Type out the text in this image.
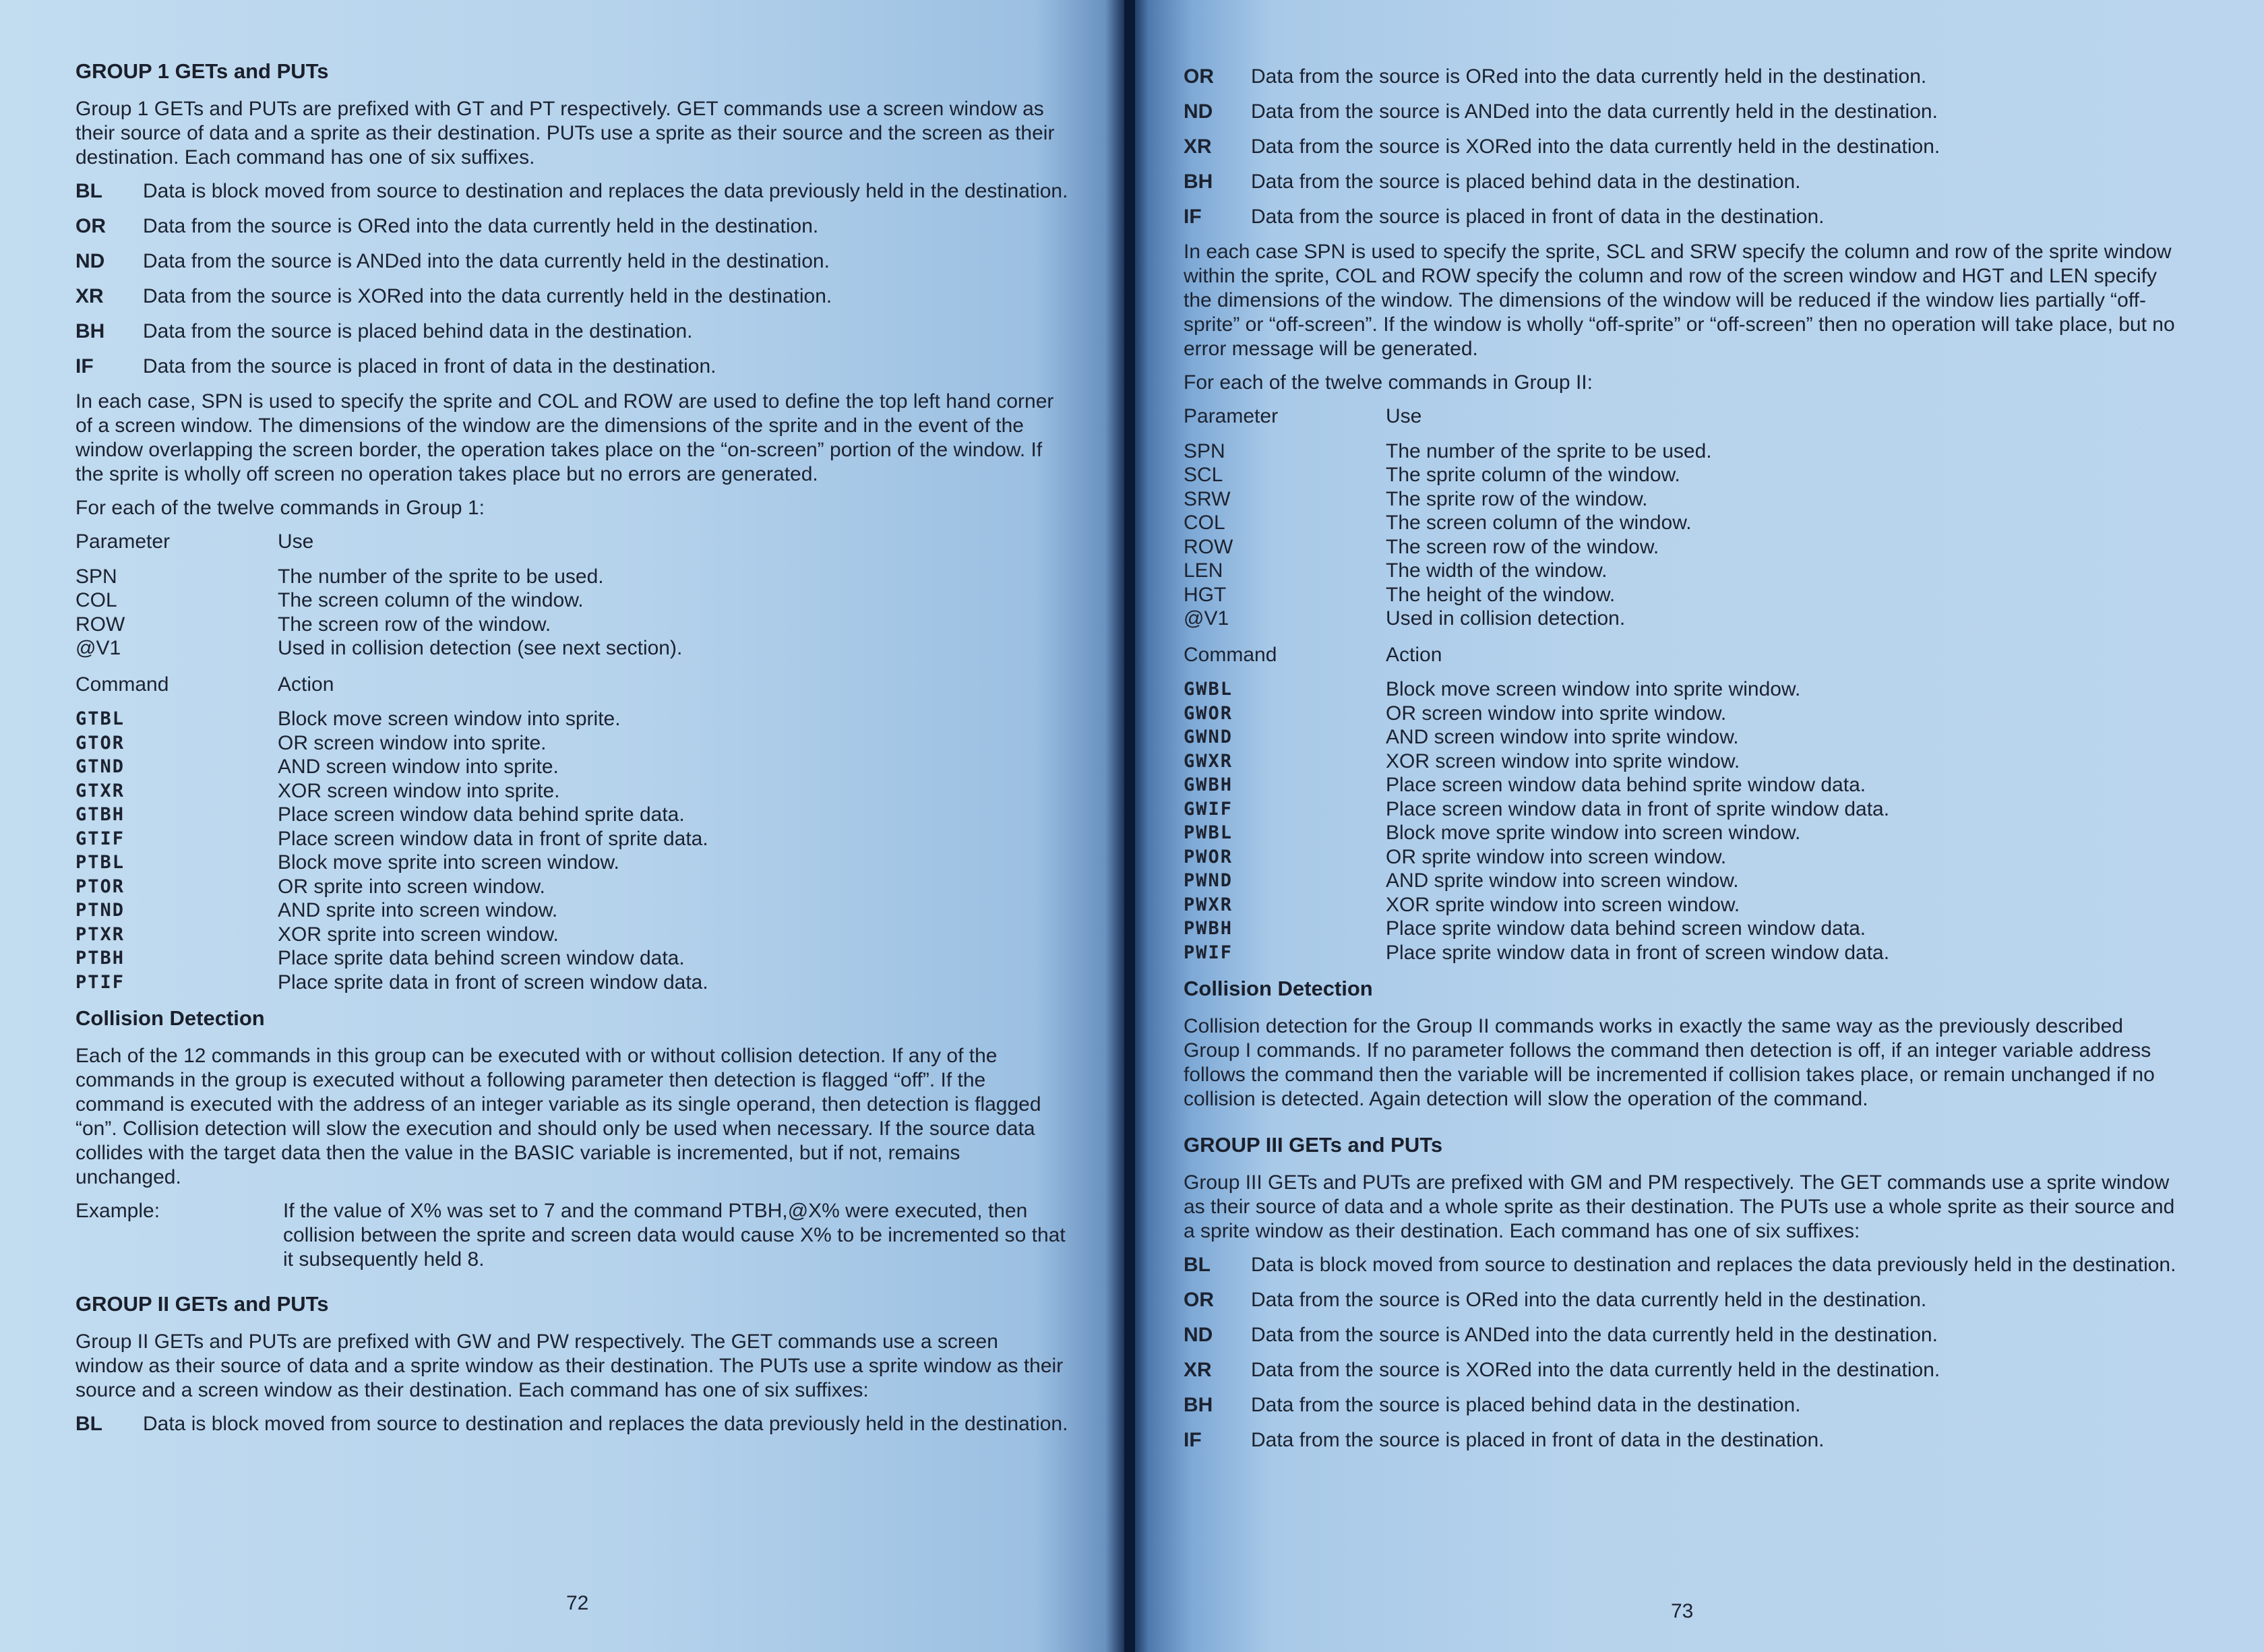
GROUP 1 GETs and PUTs

Group 1 GETs and PUTs are prefixed with GT and PT respectively. GET commands use a screen window as their source of data and a sprite as their destination. PUTs use a sprite as their source and the screen as their destination. Each command has one of six suffixes.

BL	Data is block moved from source to destination and replaces the data previously held in the destination.
OR	Data from the source is ORed into the data currently held in the destination.
ND	Data from the source is ANDed into the data currently held in the destination.
XR	Data from the source is XORed into the data currently held in the destination.
BH	Data from the source is placed behind data in the destination.
IF	Data from the source is placed in front of data in the destination.

In each case, SPN is used to specify the sprite and COL and ROW are used to define the top left hand corner of a screen window. The dimensions of the window are the dimensions of the sprite and in the event of the window overlapping the screen border, the operation takes place on the “on-screen” portion of the window. If the sprite is wholly off screen no operation takes place but no errors are generated.

For each of the twelve commands in Group 1:

Parameter	Use
SPN	The number of the sprite to be used.
COL	The screen column of the window.
ROW	The screen row of the window.
@V1	Used in collision detection (see next section).
Command	Action
GTBL	Block move screen window into sprite.
GTOR	OR screen window into sprite.
GTND	AND screen window into sprite.
GTXR	XOR screen window into sprite.
GTBH	Place screen window data behind sprite data.
GTIF	Place screen window data in front of sprite data.
PTBL	Block move sprite into screen window.
PTOR	OR sprite into screen window.
PTND	AND sprite into screen window.
PTXR	XOR sprite into screen window.
PTBH	Place sprite data behind screen window data.
PTIF	Place sprite data in front of screen window data.
Collision Detection

Each of the 12 commands in this group can be executed with or without collision detection. If any of the commands in the group is executed without a following parameter then detection is flagged “off”. If the command is executed with the address of an integer variable as its single operand, then detection is flagged “on”. Collision detection will slow the execution and should only be used when necessary. If the source data collides with the target data then the value in the BASIC variable is incremented, but if not, remains unchanged.

Example:	If the value of X% was set to 7 and the command PTBH,@X% were executed, then collision between the sprite and screen data would cause X% to be incremented so that it subsequently held 8.
GROUP II GETs and PUTs

Group II GETs and PUTs are prefixed with GW and PW respectively. The GET commands use a screen window as their source of data and a sprite window as their destination. The PUTs use a sprite window as their source and a screen window as their destination. Each command has one of six suffixes:

BL	Data is block moved from source to destination and replaces the data previously held in the destination.
72
OR	Data from the source is ORed into the data currently held in the destination.
ND	Data from the source is ANDed into the data currently held in the destination.
XR	Data from the source is XORed into the data currently held in the destination.
BH	Data from the source is placed behind data in the destination.
IF	Data from the source is placed in front of data in the destination.

In each case SPN is used to specify the sprite, SCL and SRW specify the column and row of the sprite window within the sprite, COL and ROW specify the column and row of the screen window and HGT and LEN specify the dimensions of the window. The dimensions of the window will be reduced if the window lies partially “off-sprite” or “off-screen”. If the window is wholly “off-sprite” or “off-screen” then no operation will take place, but no error message will be generated.

For each of the twelve commands in Group II:

Parameter	Use
SPN	The number of the sprite to be used.
SCL	The sprite column of the window.
SRW	The sprite row of the window.
COL	The screen column of the window.
ROW	The screen row of the window.
LEN	The width of the window.
HGT	The height of the window.
@V1	Used in collision detection.
Command	Action
GWBL	Block move screen window into sprite window.
GWOR	OR screen window into sprite window.
GWND	AND screen window into sprite window.
GWXR	XOR screen window into sprite window.
GWBH	Place screen window data behind sprite window data.
GWIF	Place screen window data in front of sprite window data.
PWBL	Block move sprite window into screen window.
PWOR	OR sprite window into screen window.
PWND	AND sprite window into screen window.
PWXR	XOR sprite window into screen window.
PWBH	Place sprite window data behind screen window data.
PWIF	Place sprite window data in front of screen window data.
Collision Detection

Collision detection for the Group II commands works in exactly the same way as the previously described Group I commands. If no parameter follows the command then detection is off, if an integer variable address follows the command then the variable will be incremented if collision takes place, or remain unchanged if no collision is detected. Again detection will slow the operation of the command.

GROUP III GETs and PUTs

Group III GETs and PUTs are prefixed with GM and PM respectively. The GET commands use a sprite window as their source of data and a whole sprite as their destination. The PUTs use a whole sprite as their source and a sprite window as their destination. Each command has one of six suffixes:

BL	Data is block moved from source to destination and replaces the data previously held in the destination.
OR	Data from the source is ORed into the data currently held in the destination.
ND	Data from the source is ANDed into the data currently held in the destination.
XR	Data from the source is XORed into the data currently held in the destination.
BH	Data from the source is placed behind data in the destination.
IF	Data from the source is placed in front of data in the destination.
73
